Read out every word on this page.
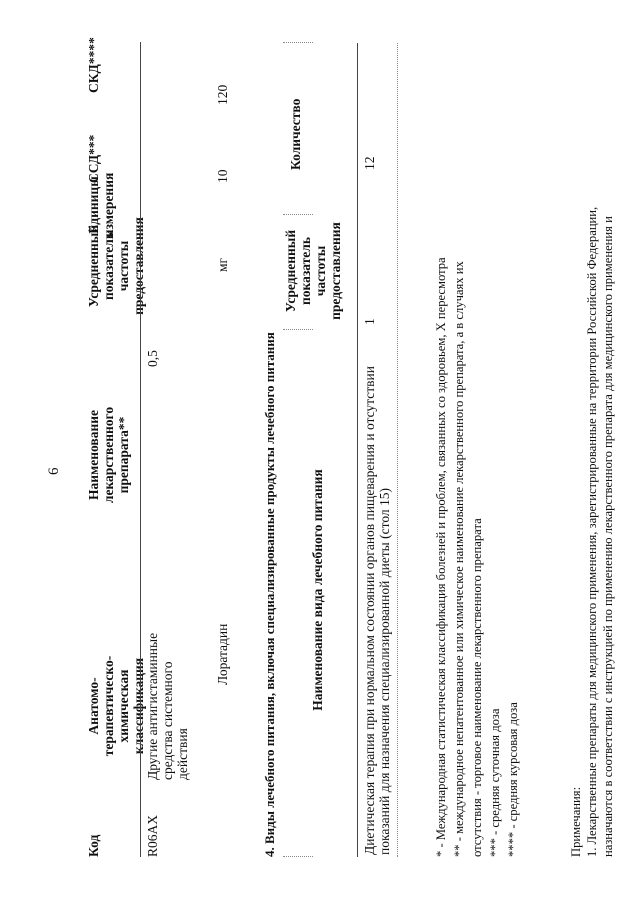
6
Код
Анатомо-терапевтическо-химическая классификация
Наименование лекарственного препарата**
Усредненный показатель частоты предоставления
Единицы измерения
ССД***
СКД****
R06AX
Другие антигистаминные средства системного действия
0,5
Лоратадин
мг
10
120
4. Виды лечебного питания, включая специализированные продукты лечебного питания Наименование вида лечебного питания
Усредненный показатель частоты предоставления
Количество
Диетическая терапия при нормальном состоянии органов пищеварения и отсутствии показаний для назначения специализированной диеты (стол 15)
1
12
* - Международная статистическая классификация болезней и проблем, связанных со здоровьем, X пересмотра ** - международное непатентованное или химическое наименование лекарственного препарата, а в случаях их отсутствия - торговое наименование лекарственного препарата *** - средняя суточная доза **** - средняя курсовая доза	Примечания: 1. Лекарственные препараты для медицинского применения, зарегистрированные на территории Российской Федерации, назначаются в соответствии с инструкцией по применению лекарственного препарата для медицинского применения и
